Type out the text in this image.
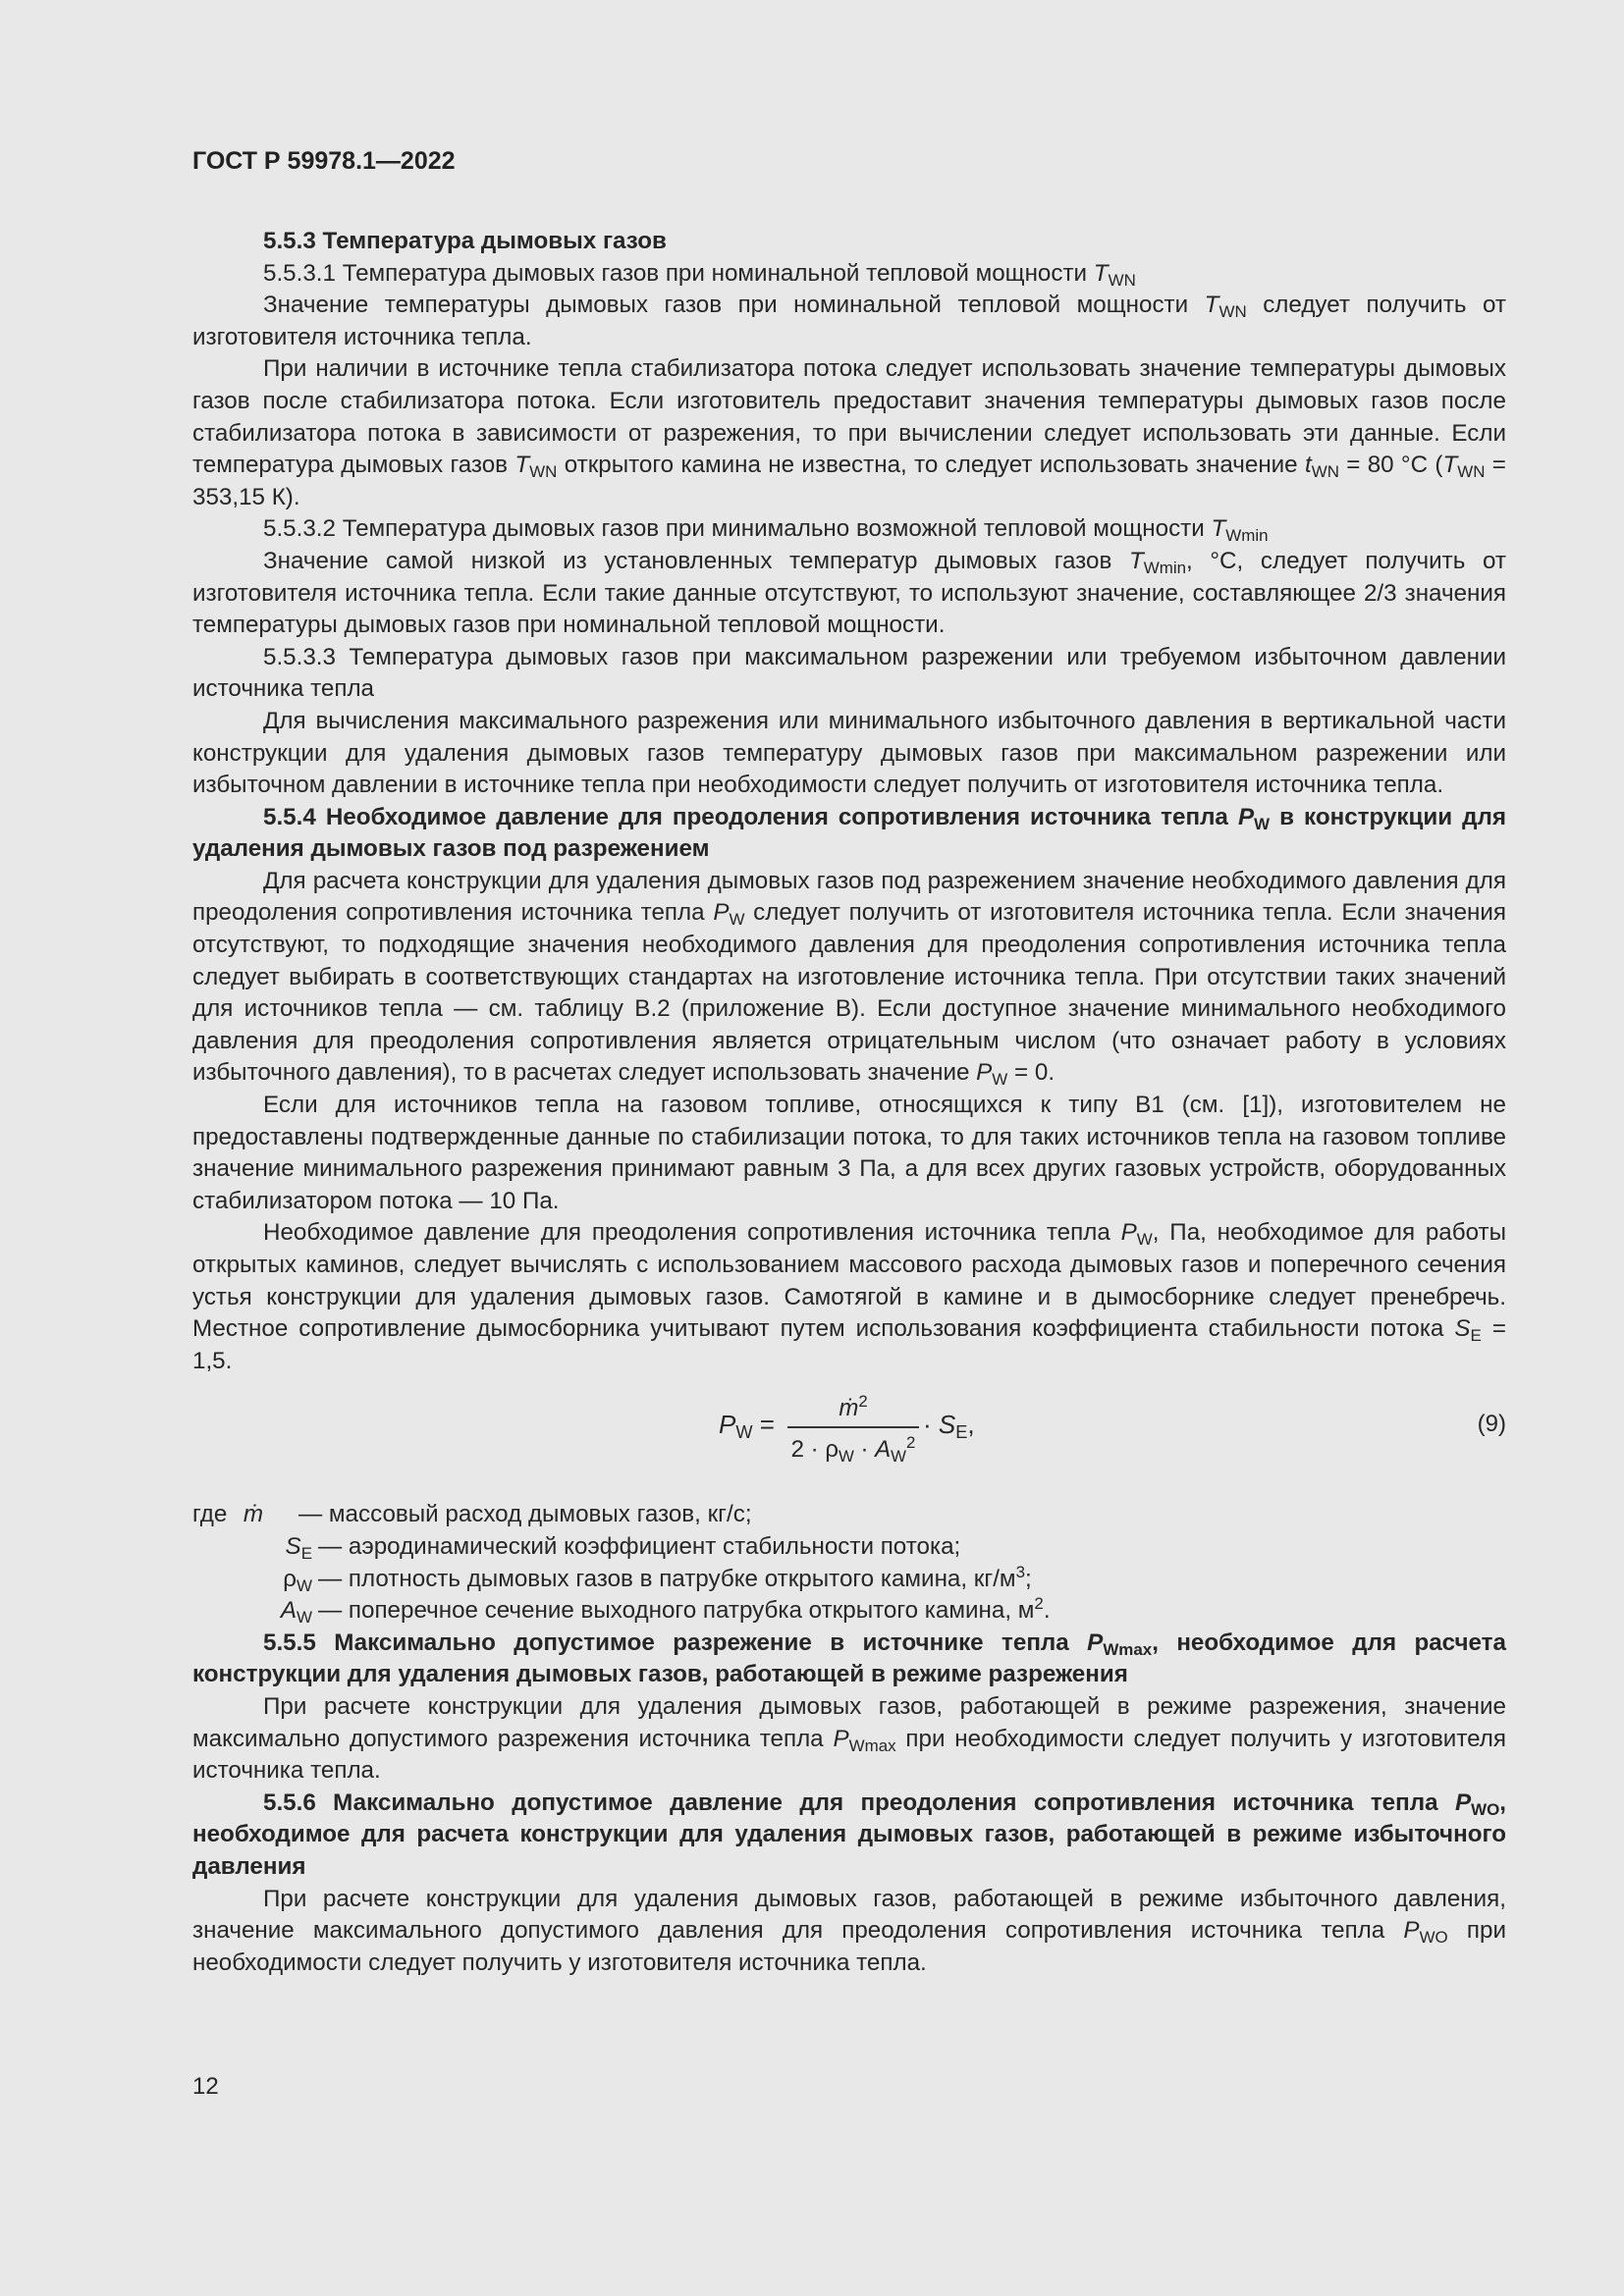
ГОСТ Р 59978.1—2022

5.5.3 Температура дымовых газов

5.5.3.1 Температура дымовых газов при номинальной тепловой мощности $T_{WN}$

Значение температуры дымовых газов при номинальной тепловой мощности $T_{WN}$ следует получить от изготовителя источника тепла.

При наличии в источнике тепла стабилизатора потока следует использовать значение температуры дымовых газов после стабилизатора потока. Если изготовитель предоставит значения температуры дымовых газов после стабилизатора потока в зависимости от разрежения, то при вычислении следует использовать эти данные. Если температура дымовых газов $T_{WN}$ открытого камина не известна, то следует использовать значение $t_{WN} = 80$ °С ($T_{WN} = 353,15$ К).

5.5.3.2 Температура дымовых газов при минимально возможной тепловой мощности $T_{Wmin}$

Значение самой низкой из установленных температур дымовых газов $T_{Wmin}$, °С, следует получить от изготовителя источника тепла. Если такие данные отсутствуют, то используют значение, составляющее 2/3 значения температуры дымовых газов при номинальной тепловой мощности.

5.5.3.3 Температура дымовых газов при максимальном разрежении или требуемом избыточном давлении источника тепла

Для вычисления максимального разрежения или минимального избыточного давления в вертикальной части конструкции для удаления дымовых газов температуру дымовых газов при максимальном разрежении или избыточном давлении в источнике тепла при необходимости следует получить от изготовителя источника тепла.

5.5.4 Необходимое давление для преодоления сопротивления источника тепла $P_W$ в конструкции для удаления дымовых газов под разрежением

Для расчета конструкции для удаления дымовых газов под разрежением значение необходимого давления для преодоления сопротивления источника тепла $P_W$ следует получить от изготовителя источника тепла. Если значения отсутствуют, то подходящие значения необходимого давления для преодоления сопротивления источника тепла следует выбирать в соответствующих стандартах на изготовление источника тепла. При отсутствии таких значений для источников тепла — см. таблицу В.2 (приложение В). Если доступное значение минимального необходимого давления для преодоления сопротивления является отрицательным числом (что означает работу в условиях избыточного давления), то в расчетах следует использовать значение $P_W = 0$.

Если для источников тепла на газовом топливе, относящихся к типу В1 (см. [1]), изготовителем не предоставлены подтвержденные данные по стабилизации потока, то для таких источников тепла на газовом топливе значение минимального разрежения принимают равным 3 Па, а для всех других газовых устройств, оборудованных стабилизатором потока — 10 Па.

Необходимое давление для преодоления сопротивления источника тепла $P_W$, Па, необходимое для работы открытых каминов, следует вычислять с использованием массового расхода дымовых газов и поперечного сечения устья конструкции для удаления дымовых газов. Самотягой в камине и в дымосборнике следует пренебречь. Местное сопротивление дымосборника учитывают путем использования коэффициента стабильности потока $S_E = 1,5$.

$P_W$ =
ṁ$^2$
$2 \cdot \rho_W \cdot A_W^2$
· $S_E$,	(9)
где ṁ	— массовый расход дымовых газов, кг/с;
$S_E$ — аэродинамический коэффициент стабильности потока;
$\rho_W$ — плотность дымовых газов в патрубке открытого камина, $кг/м^3$;
$A_W$ — поперечное сечение выходного патрубка открытого камина, $м^2$.

5.5.5 Максимально допустимое разрежение в источнике тепла $P_{Wmax}$, необходимое для расчета конструкции для удаления дымовых газов, работающей в режиме разрежения

При расчете конструкции для удаления дымовых газов, работающей в режиме разрежения, значение максимально допустимого разрежения источника тепла $P_{Wmax}$ при необходимости следует получить у изготовителя источника тепла.

5.5.6 Максимально допустимое давление для преодоления сопротивления источника тепла $P_{WO}$, необходимое для расчета конструкции для удаления дымовых газов, работающей в режиме избыточного давления

При расчете конструкции для удаления дымовых газов, работающей в режиме избыточного давления, значение максимального допустимого давления для преодоления сопротивления источника тепла $P_{WO}$ при необходимости следует получить у изготовителя источника тепла.

12
